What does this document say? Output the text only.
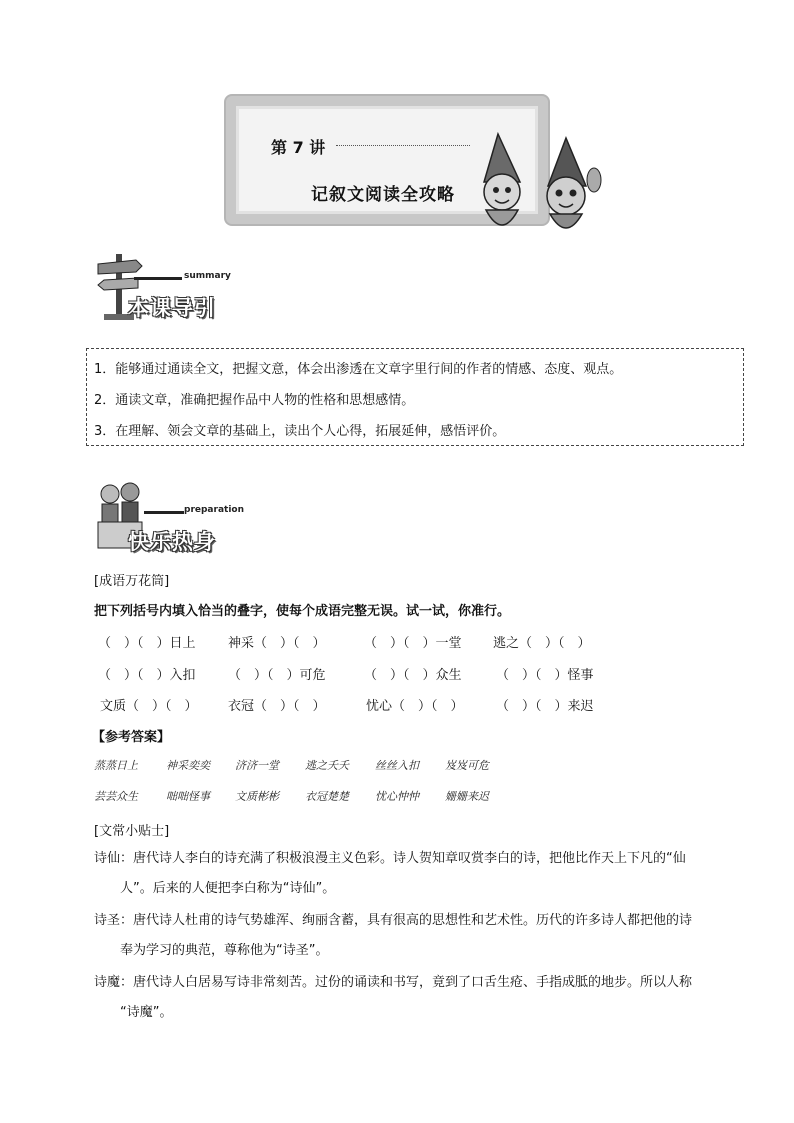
第 7 讲
记叙文阅读全攻略
summary
本课导引
1．能够通过通读全文，把握文意，体会出渗透在文章字里行间的作者的情感、态度、观点。
2．通读文章，准确把握作品中人物的性格和思想感情。
3．在理解、领会文章的基础上，读出个人心得，拓展延伸，感悟评价。
preparation
快乐热身
[成语万花筒]
把下列括号内填入恰当的叠字，使每个成语完整无误。试一试，你准行。
（　）（　）日上 神采（　）（　）	（　）（　）一堂 逃之（　）（　）
（　）（　）入扣 （　）（　）可危	（　）（　）众生	（　）（　）怪事
文质（　）（　） 衣冠（　）（　）	忧心（　）（　） （　）（　）来迟
【参考答案】
蒸蒸日上	神采奕奕 济济一堂 逃之夭夭 丝丝入扣 岌岌可危
芸芸众生	咄咄怪事 文质彬彬 衣冠楚楚 忧心忡忡 姗姗来迟
[文常小贴士]
诗仙：唐代诗人李白的诗充满了积极浪漫主义色彩。诗人贺知章叹赏李白的诗，把他比作天上下凡的“仙
人”。后来的人便把李白称为“诗仙”。
诗圣：唐代诗人杜甫的诗气势雄浑、绚丽含蓄，具有很高的思想性和艺术性。历代的许多诗人都把他的诗
奉为学习的典范，尊称他为“诗圣”。
诗魔：唐代诗人白居易写诗非常刻苦。过份的诵读和书写，竟到了口舌生疮、手指成胝的地步。所以人称
“诗魔”。
